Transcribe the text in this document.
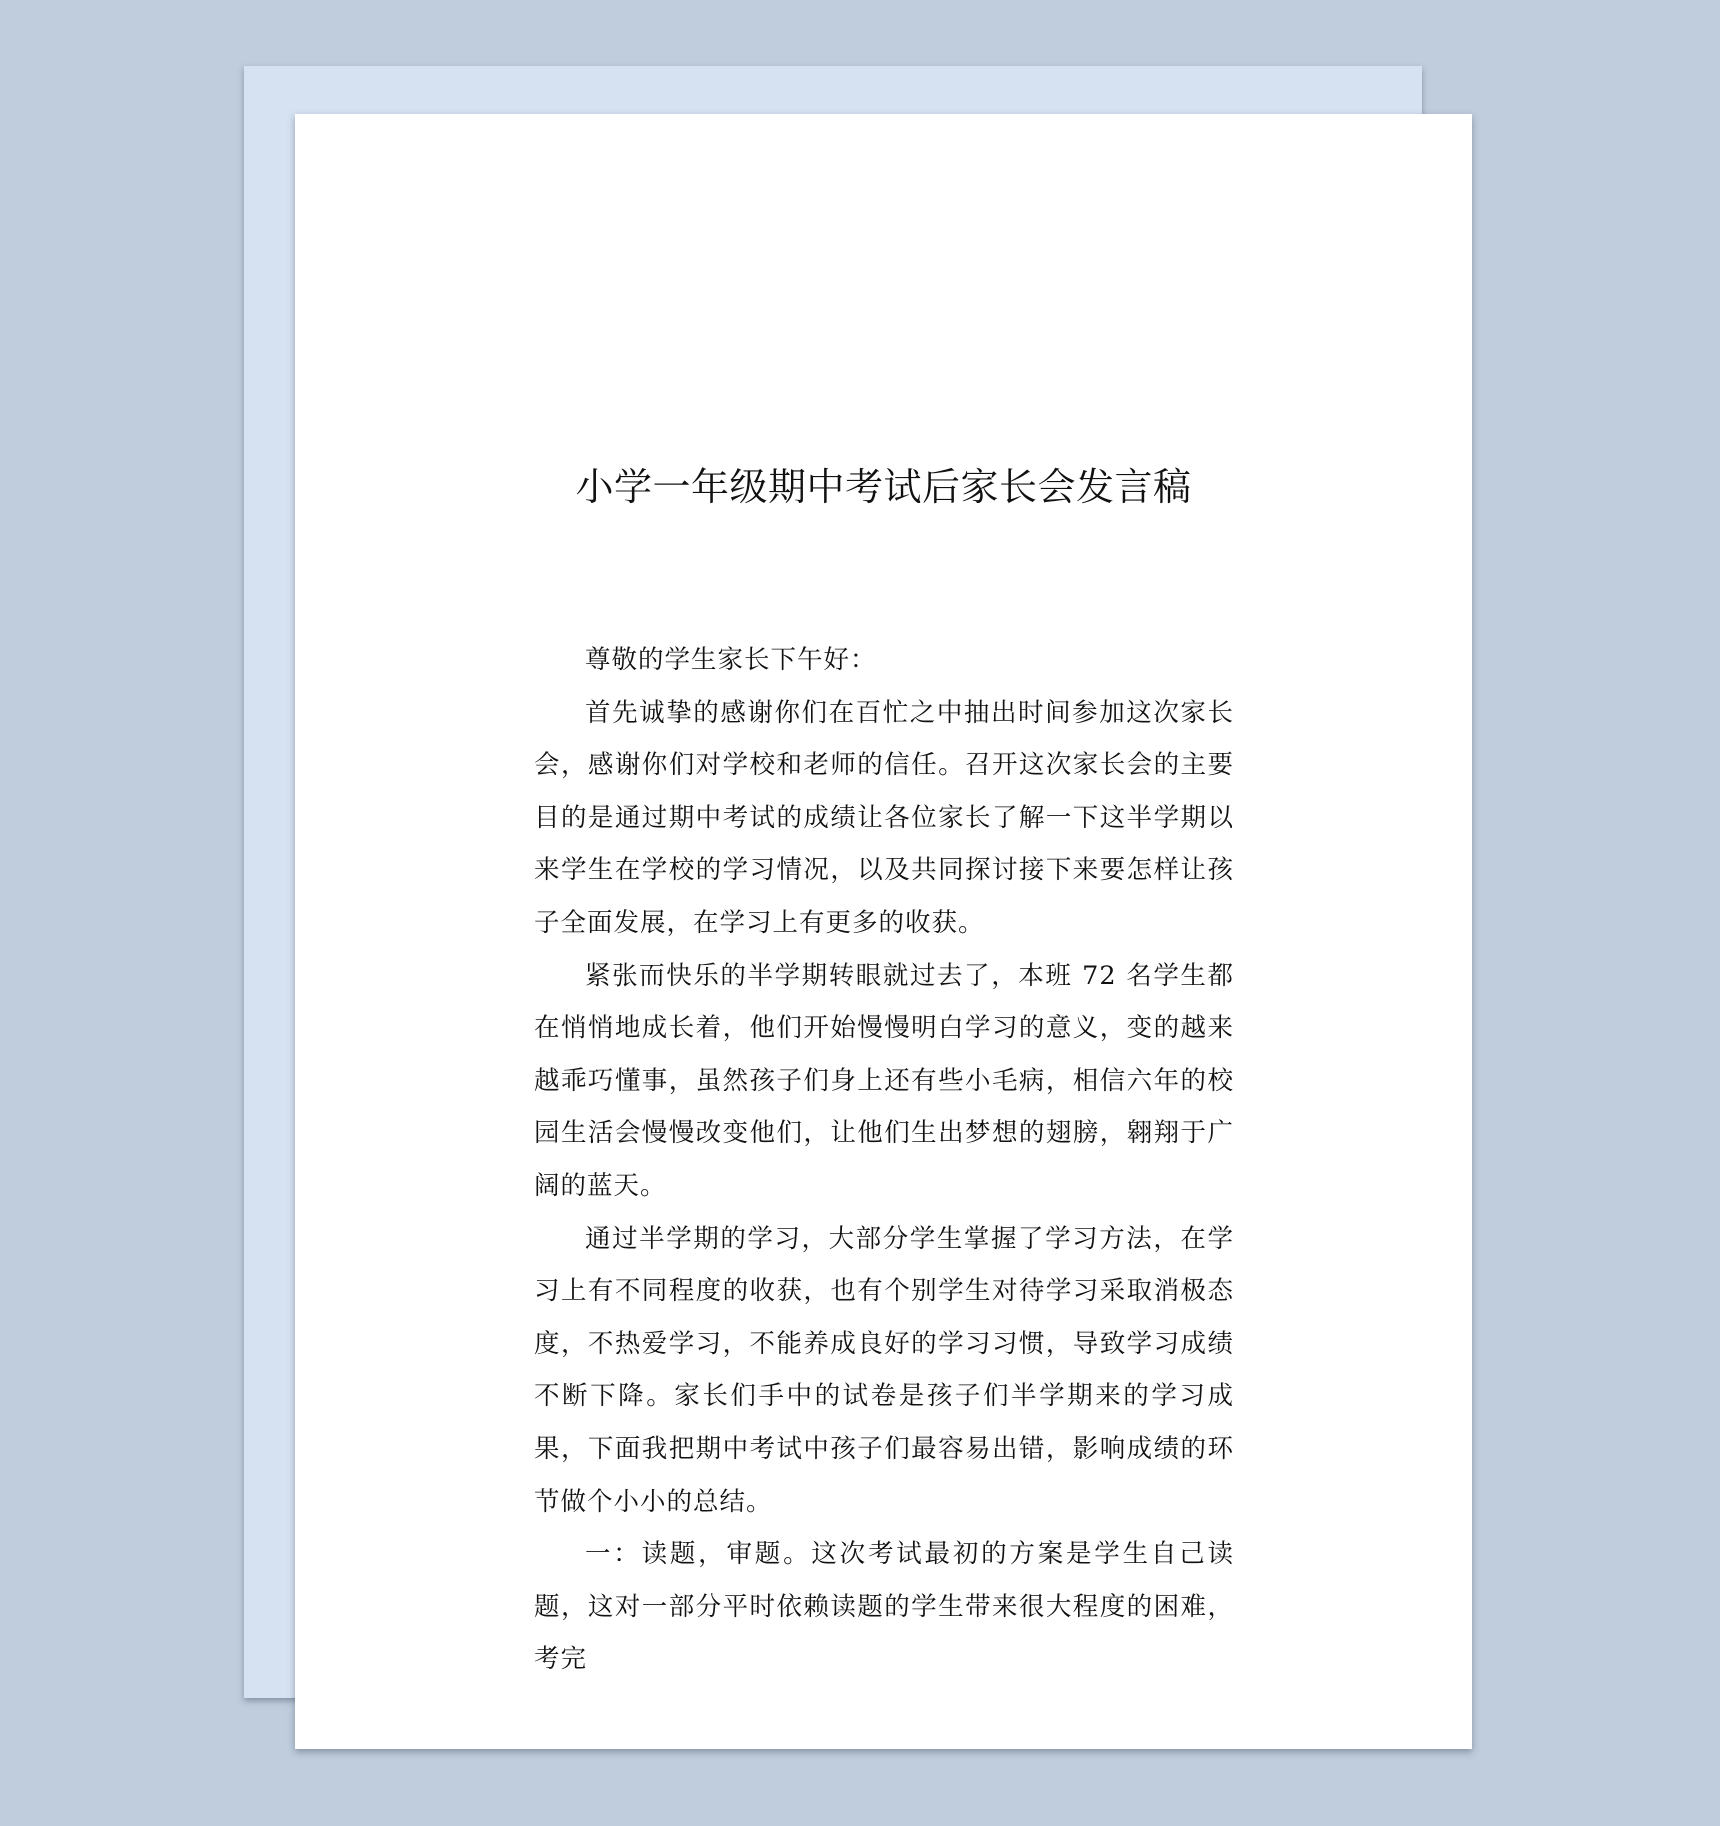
小学一年级期中考试后家长会发言稿

尊敬的学生家长下午好：

首先诚挚的感谢你们在百忙之中抽出时间参加这次家长会，感谢你们对学校和老师的信任。召开这次家长会的主要目的是通过期中考试的成绩让各位家长了解一下这半学期以来学生在学校的学习情况，以及共同探讨接下来要怎样让孩子全面发展，在学习上有更多的收获。

紧张而快乐的半学期转眼就过去了，本班 72 名学生都在悄悄地成长着，他们开始慢慢明白学习的意义，变的越来越乖巧懂事，虽然孩子们身上还有些小毛病，相信六年的校园生活会慢慢改变他们，让他们生出梦想的翅膀，翱翔于广阔的蓝天。

通过半学期的学习，大部分学生掌握了学习方法，在学习上有不同程度的收获，也有个别学生对待学习采取消极态度，不热爱学习，不能养成良好的学习习惯，导致学习成绩不断下降。家长们手中的试卷是孩子们半学期来的学习成果，下面我把期中考试中孩子们最容易出错，影响成绩的环节做个小小的总结。

一：读题，审题。这次考试最初的方案是学生自己读题，这对一部分平时依赖读题的学生带来很大程度的困难，考完
